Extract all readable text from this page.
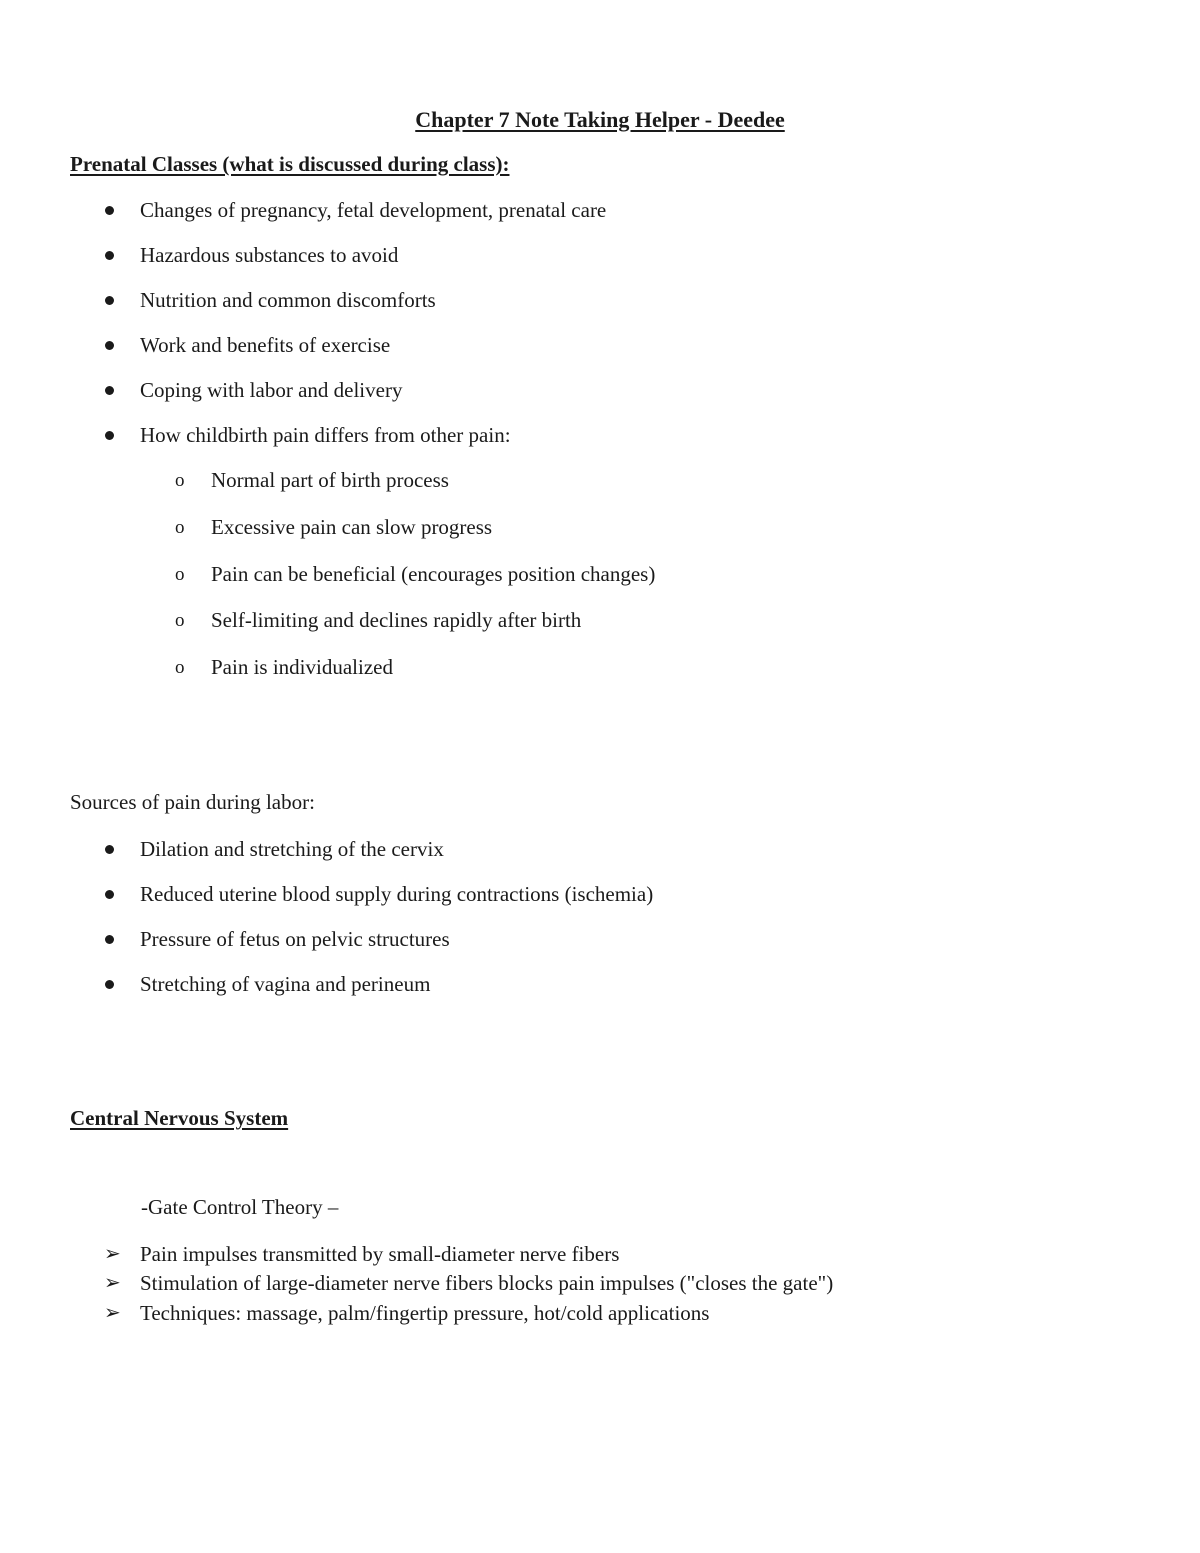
Chapter 7 Note Taking Helper - Deedee
Prenatal Classes (what is discussed during class):
Changes of pregnancy, fetal development, prenatal care
Hazardous substances to avoid
Nutrition and common discomforts
Work and benefits of exercise
Coping with labor and delivery
How childbirth pain differs from other pain:
o Normal part of birth process
o Excessive pain can slow progress
o Pain can be beneficial (encourages position changes)
o Self-limiting and declines rapidly after birth
o Pain is individualized
Sources of pain during labor:
Dilation and stretching of the cervix
Reduced uterine blood supply during contractions (ischemia)
Pressure of fetus on pelvic structures
Stretching of vagina and perineum
Central Nervous System
-Gate Control Theory –
➢ Pain impulses transmitted by small-diameter nerve fibers
➢ Stimulation of large-diameter nerve fibers blocks pain impulses ("closes the gate")
➢ Techniques: massage, palm/fingertip pressure, hot/cold applications
